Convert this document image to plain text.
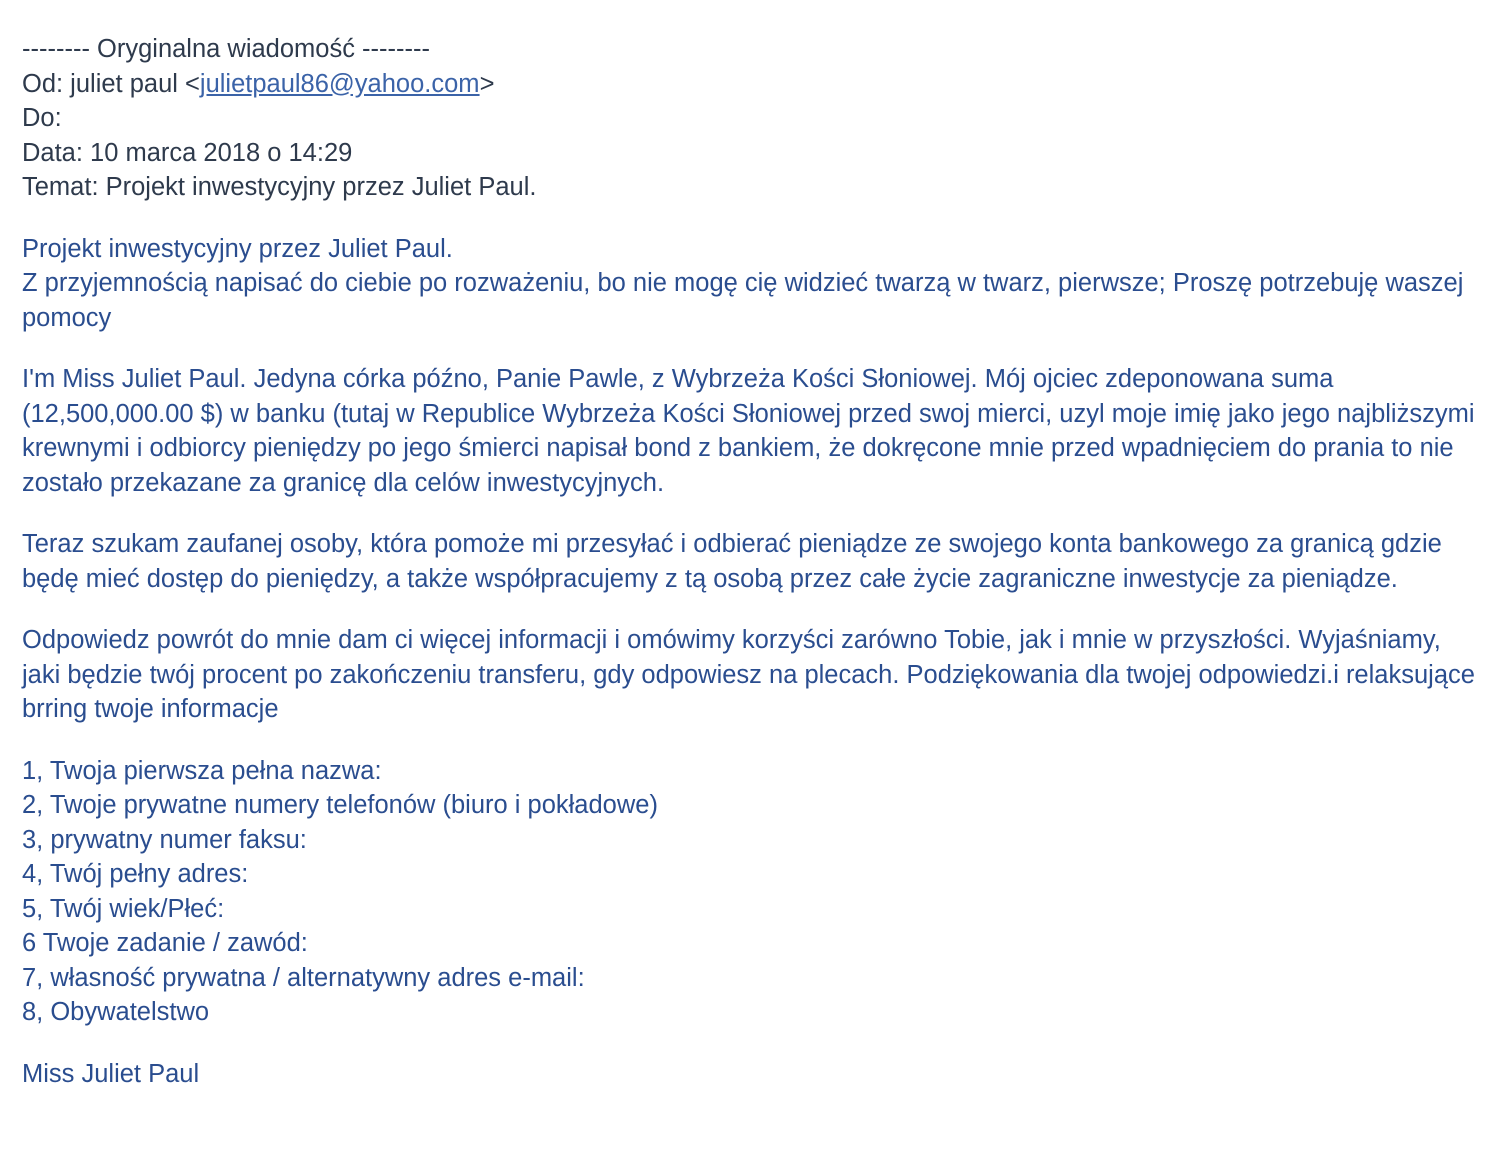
-------- Oryginalna wiadomość --------
Od: juliet paul <julietpaul86@yahoo.com>
Do:
Data: 10 marca 2018 o 14:29
Temat: Projekt inwestycyjny przez Juliet Paul.
Projekt inwestycyjny przez Juliet Paul.
Z przyjemnością napisać do ciebie po rozważeniu, bo nie mogę cię widzieć twarzą w twarz, pierwsze; Proszę potrzebuję waszej pomocy

I'm Miss Juliet Paul. Jedyna córka późno, Panie Pawle, z Wybrzeża Kości Słoniowej. Mój ojciec zdeponowana suma (12,500,000.00 $) w banku (tutaj w Republice Wybrzeża Kości Słoniowej przed swoj mierci, uzyl moje imię jako jego najbliższymi krewnymi i odbiorcy pieniędzy po jego śmierci napisał bond z bankiem, że dokręcone mnie przed wpadnięciem do prania to nie zostało przekazane za granicę dla celów inwestycyjnych.

Teraz szukam zaufanej osoby, która pomoże mi przesyłać i odbierać pieniądze ze swojego konta bankowego za granicą gdzie będę mieć dostęp do pieniędzy, a także współpracujemy z tą osobą przez całe życie zagraniczne inwestycje za pieniądze.

Odpowiedz powrót do mnie dam ci więcej informacji i omówimy korzyści zarówno Tobie, jak i mnie w przyszłości. Wyjaśniamy, jaki będzie twój procent po zakończeniu transferu, gdy odpowiesz na plecach. Podziękowania dla twojej odpowiedzi.i relaksujące brring twoje informacje

1, Twoja pierwsza pełna nazwa:
2, Twoje prywatne numery telefonów (biuro i pokładowe)
3, prywatny numer faksu:
4, Twój pełny adres:
5, Twój wiek/Płeć:
6 Twoje zadanie / zawód:
7, własność prywatna / alternatywny adres e-mail:
8, Obywatelstwo
Miss Juliet Paul
